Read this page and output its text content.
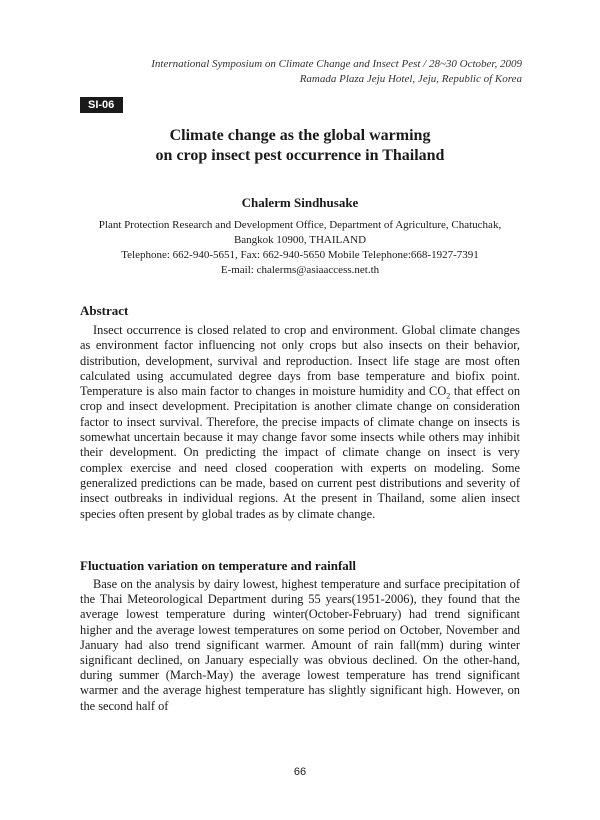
International Symposium on Climate Change and Insect Pest / 28~30 October, 2009
Ramada Plaza Jeju Hotel, Jeju, Republic of Korea
SI-06
Climate change as the global warming
on crop insect pest occurrence in Thailand
Chalerm Sindhusake
Plant Protection Research and Development Office, Department of Agriculture, Chatuchak,
Bangkok 10900, THAILAND
Telephone: 662-940-5651, Fax: 662-940-5650 Mobile Telephone:668-1927-7391
E-mail: chalerms@asiaaccess.net.th
Abstract
Insect occurrence is closed related to crop and environment. Global climate changes as environment factor influencing not only crops but also insects on their behavior, distribution, development, survival and reproduction. Insect life stage are most often calculated using accumulated degree days from base temperature and biofix point. Temperature is also main factor to changes in moisture humidity and $CO_2$ that effect on crop and insect development. Precipitation is another climate change on consideration factor to insect survival. Therefore, the precise impacts of climate change on insects is somewhat uncertain because it may change favor some insects while others may inhibit their development. On predicting the impact of climate change on insect is very complex exercise and need closed cooperation with experts on modeling. Some generalized predictions can be made, based on current pest distributions and severity of insect outbreaks in individual regions. At the present in Thailand, some alien insect species often present by global trades as by climate change.
Fluctuation variation on temperature and rainfall
Base on the analysis by dairy lowest, highest temperature and surface precipitation of the Thai Meteorological Department during 55 years(1951-2006), they found that the average lowest temperature during winter(October-February) had trend significant higher and the average lowest temperatures on some period on October, November and January had also trend significant warmer. Amount of rain fall(mm) during winter significant declined, on January especially was obvious declined. On the other-hand, during summer (March-May) the average lowest temperature has trend significant warmer and the average highest temperature has slightly significant high. However, on the second half of
66
